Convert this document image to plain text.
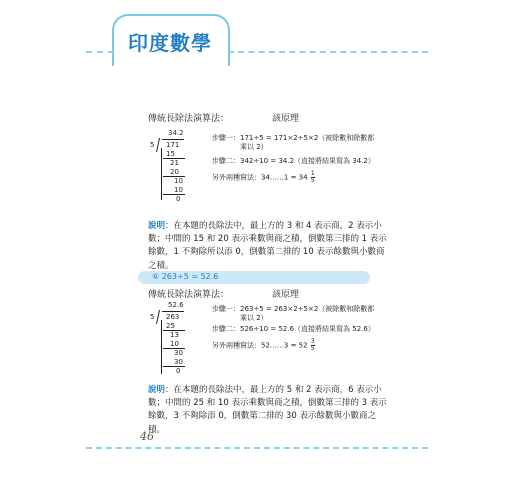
印度數學
傳統長除法演算法：	該原理
34.2
5 / 171
15
21
20
10
10
0
步驟一：171÷5 = 171×2÷5×2（被除數和除數都
乘以 2）
步驟二：342÷10 = 34.2（直接將結果寫為 34.2）
另外兩種寫法：34……1 = $34 \frac{1}{5}$
說明：在本題的長除法中，最上方的 3 和 4 表示商，2 表示小數；中間的 15 和 20 表示乘數與商之積，倒數第三排的 1 表示餘數，1 不夠除所以添 0，倒數第二排的 10 表示餘數與小數商之積。
⑥ 263÷5 = 52.6
傳統長除法演算法：	該原理
52.6
5 / 263
25
13
10
30
30
0
步驟一：263÷5 = 263×2÷5×2（被除數和除數都
乘以 2）
步驟二：526÷10 = 52.6（直接將結果寫為 52.6）
另外兩種寫法：52……3 = $52 \frac{3}{5}$
說明：在本題的長除法中，最上方的 5 和 2 表示商，6 表示小數；中間的 25 和 10 表示乘數與商之積，倒數第三排的 3 表示餘數，3 不夠除添 0，倒數第二排的 30 表示餘數與小數商之積。
46
